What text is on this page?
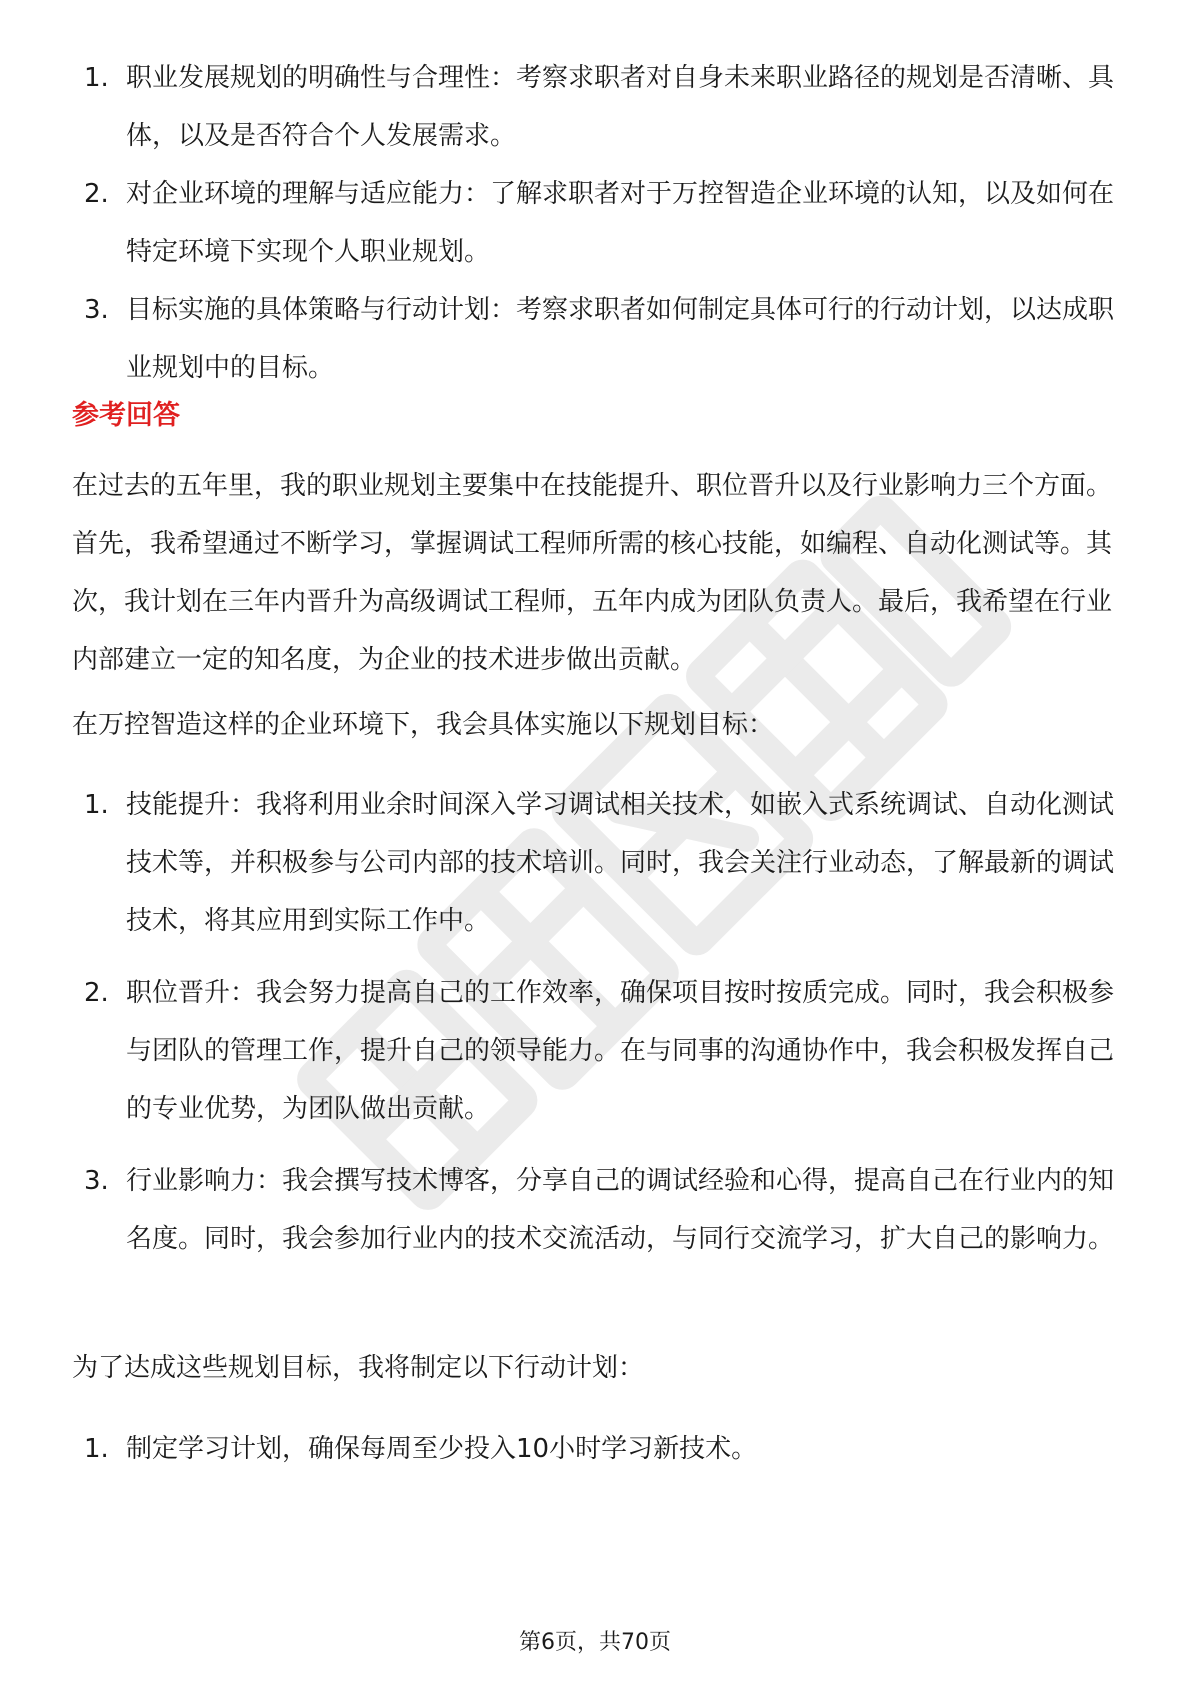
1. 职业发展规划的明确性与合理性：考察求职者对自身未来职业路径的规划是否清晰、具体，以及是否符合个人发展需求。
2. 对企业环境的理解与适应能力：了解求职者对于万控智造企业环境的认知，以及如何在特定环境下实现个人职业规划。
3. 目标实施的具体策略与行动计划：考察求职者如何制定具体可行的行动计划，以达成职业规划中的目标。
参考回答

在过去的五年里，我的职业规划主要集中在技能提升、职位晋升以及行业影响力三个方面。首先，我希望通过不断学习，掌握调试工程师所需的核心技能，如编程、自动化测试等。其次，我计划在三年内晋升为高级调试工程师，五年内成为团队负责人。最后，我希望在行业内部建立一定的知名度，为企业的技术进步做出贡献。

在万控智造这样的企业环境下，我会具体实施以下规划目标：

1. 技能提升：我将利用业余时间深入学习调试相关技术，如嵌入式系统调试、自动化测试技术等，并积极参与公司内部的技术培训。同时，我会关注行业动态，了解最新的调试技术，将其应用到实际工作中。
2. 职位晋升：我会努力提高自己的工作效率，确保项目按时按质完成。同时，我会积极参与团队的管理工作，提升自己的领导能力。在与同事的沟通协作中，我会积极发挥自己的专业优势，为团队做出贡献。
3. 行业影响力：我会撰写技术博客，分享自己的调试经验和心得，提高自己在行业内的知名度。同时，我会参加行业内的技术交流活动，与同行交流学习，扩大自己的影响力。

为了达成这些规划目标，我将制定以下行动计划：

1. 制定学习计划，确保每周至少投入10小时学习新技术。
第6页，共70页
